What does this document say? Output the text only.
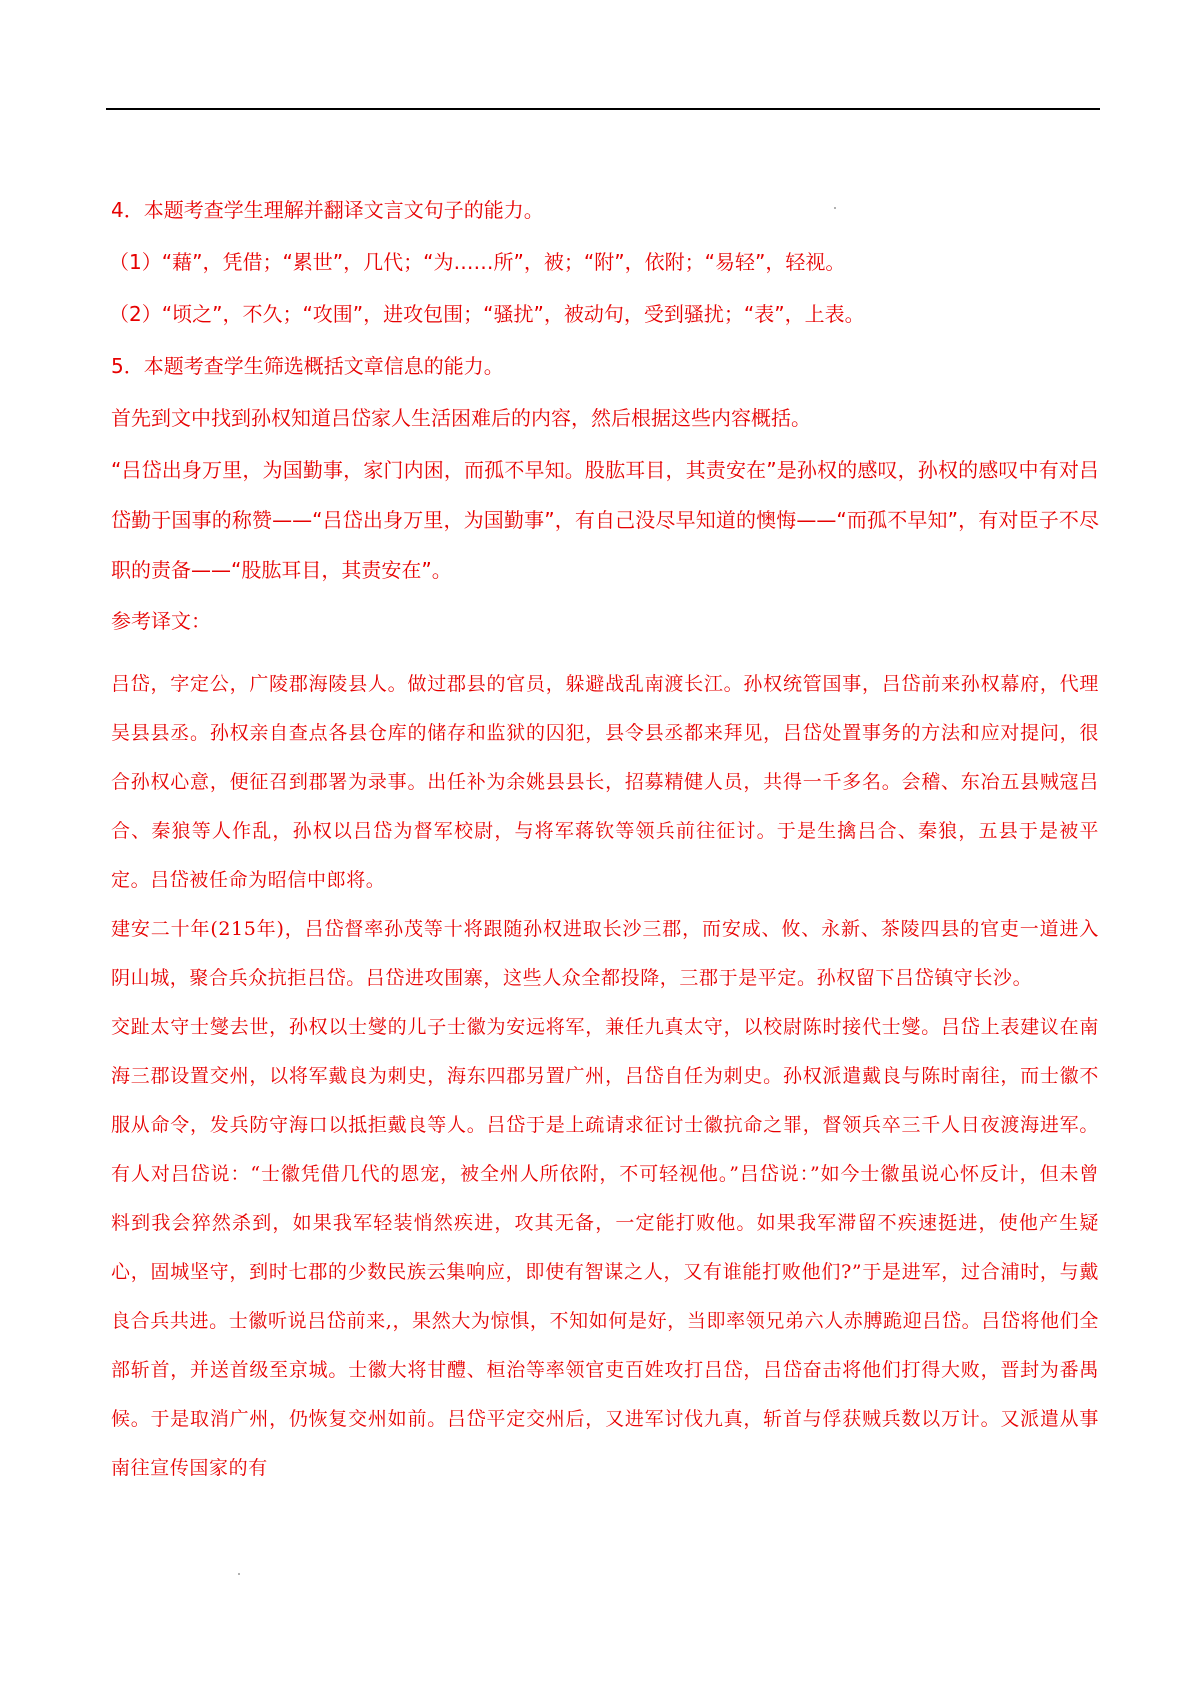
4．本题考查学生理解并翻译文言文句子的能力。

（1）“藉”，凭借；“累世”，几代；“为……所”，被；“附”，依附；“易轻”，轻视。

（2）“顷之”，不久；“攻围”，进攻包围；“骚扰”，被动句，受到骚扰；“表”，上表。

5．本题考查学生筛选概括文章信息的能力。

首先到文中找到孙权知道吕岱家人生活困难后的内容，然后根据这些内容概括。

“吕岱出身万里，为国勤事，家门内困，而孤不早知。股肱耳目，其责安在”是孙权的感叹，孙权的感叹中有对吕岱勤于国事的称赞——“吕岱出身万里，为国勤事”，有自己没尽早知道的懊悔——“而孤不早知”，有对臣子不尽职的责备——“股肱耳目，其责安在”。

参考译文：

吕岱，字定公，广陵郡海陵县人。做过郡县的官员，躲避战乱南渡长江。孙权统管国事，吕岱前来孙权幕府，代理吴县县丞。孙权亲自查点各县仓库的储存和监狱的囚犯，县令县丞都来拜见，吕岱处置事务的方法和应对提问，很合孙权心意，便征召到郡署为录事。出任补为余姚县县长，招募精健人员，共得一千多名。会稽、东冶五县贼寇吕合、秦狼等人作乱，孙权以吕岱为督军校尉，与将军蒋钦等领兵前往征讨。于是生擒吕合、秦狼，五县于是被平定。吕岱被任命为昭信中郎将。

建安二十年(215年)，吕岱督率孙茂等十将跟随孙权进取长沙三郡，而安成、攸、永新、茶陵四县的官吏一道进入阴山城，聚合兵众抗拒吕岱。吕岱进攻围寨，这些人众全都投降，三郡于是平定。孙权留下吕岱镇守长沙。

交趾太守士燮去世，孙权以士燮的儿子士徽为安远将军，兼任九真太守，以校尉陈时接代士燮。吕岱上表建议在南海三郡设置交州，以将军戴良为刺史，海东四郡另置广州，吕岱自任为刺史。孙权派遣戴良与陈时南往，而士徽不服从命令，发兵防守海口以抵拒戴良等人。吕岱于是上疏请求征讨士徽抗命之罪，督领兵卒三千人日夜渡海进军。有人对吕岱说：“士徽凭借几代的恩宠，被全州人所依附，不可轻视他。”吕岱说：”如今士徽虽说心怀反计，但未曾料到我会猝然杀到，如果我军轻装悄然疾进，攻其无备，一定能打败他。如果我军滞留不疾速挺进，使他产生疑心，固城坚守，到时七郡的少数民族云集响应，即使有智谋之人，又有谁能打败他们?”于是进军，过合浦时，与戴良合兵共进。士徽听说吕岱前来,，果然大为惊惧，不知如何是好，当即率领兄弟六人赤膊跪迎吕岱。吕岱将他们全部斩首，并送首级至京城。士徽大将甘醴、桓治等率领官吏百姓攻打吕岱，吕岱奋击将他们打得大败，晋封为番禺候。于是取消广州，仍恢复交州如前。吕岱平定交州后，又进军讨伐九真，斩首与俘获贼兵数以万计。又派遣从事南往宣传国家的有
